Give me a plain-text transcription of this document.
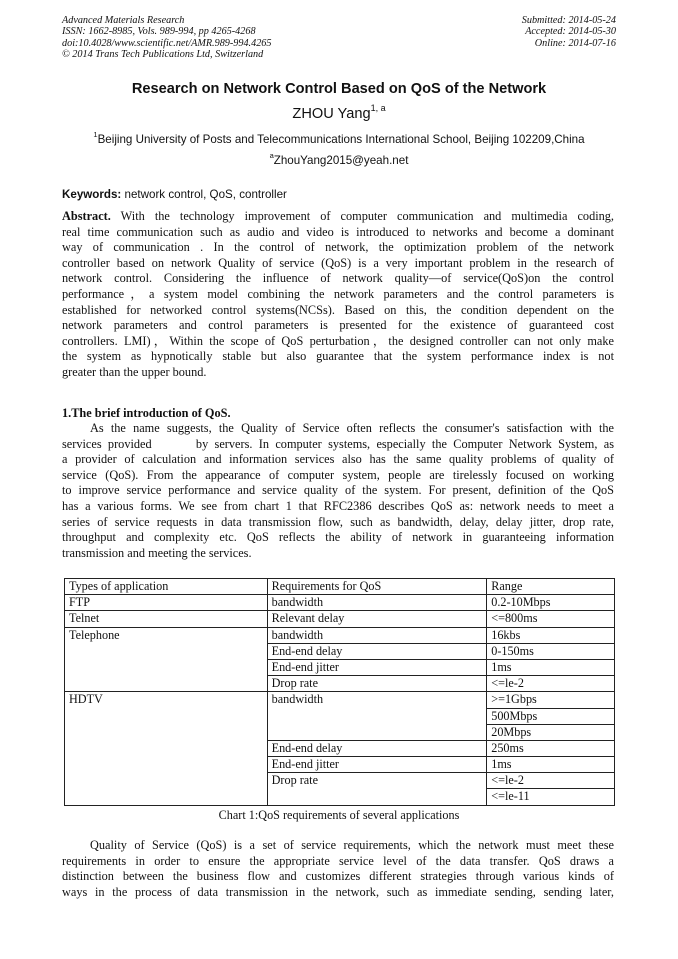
Advanced Materials Research
ISSN: 1662-8985, Vols. 989-994, pp 4265-4268
doi:10.4028/www.scientific.net/AMR.989-994.4265
© 2014 Trans Tech Publications Ltd, Switzerland
Submitted: 2014-05-24
Accepted: 2014-05-30
Online: 2014-07-16
Research on Network Control Based on QoS of the Network
ZHOU Yang$^{1, a}$
$^1$Beijing University of Posts and Telecommunications International School, Beijing 102209,China
$^a$ZhouYang2015@yeah.net
Keywords: network control, QoS, controller
Abstract. With the technology improvement of computer communication and multimedia coding,
real time communication such as audio and video is introduced to networks and become a dominant
way of communication . In the control of network, the optimization problem of the network
controller based on network Quality of service (QoS) is a very important problem in the research of
network control. Considering the influence of network quality—of service(QoS)on the control
performance，a system model combining the network parameters and the control parameters is
established for networked control systems(NCSs). Based on this, the condition dependent on the
network parameters and control parameters is presented for the existence of guaranteed cost
controllers. LMI)，Within the scope of QoS perturbation，the designed controller can not only make
the system as hypnotically stable but also guarantee that the system performance index is not
greater than the upper bound.
1.The brief introduction of QoS.
As the name suggests, the Quality of Service often reflects the consumer's satisfaction with the
services provided       by servers. In computer systems, especially the Computer Network System, as
a provider of calculation and information services also has the same quality problems of quality of
service (QoS). From the appearance of computer system, people are tirelessly focused on working
to improve service performance and service quality of the system. For present, definition of the QoS
has a various forms. We see from chart 1 that RFC2386 describes QoS as: network needs to meet a
series of service requests in data transmission flow, such as bandwidth, delay, delay jitter, drop rate,
throughput and complexity etc. QoS reflects the ability of network in guaranteeing information
transmission and meeting the services.
Types of application	Requirements for QoS	Range
FTP	bandwidth	0.2-10Mbps
Telnet	Relevant delay	<=800ms
Telephone	bandwidth	16kbs
	End-end delay	0-150ms
	End-end jitter	1ms
	Drop rate	<=le-2
HDTV	bandwidth	>=1Gbps
		500Mbps
		20Mbps
	End-end delay	250ms
	End-end jitter	1ms
	Drop rate	<=le-2
		<=le-11
Chart 1:QoS requirements of several applications
Quality of Service (QoS) is a set of service requirements, which the network must meet these
requirements in order to ensure the appropriate service level of the data transfer. QoS draws a
distinction between the business flow and customizes different strategies through various kinds of
ways in the process of data transmission in the network, such as immediate sending, sending later,
